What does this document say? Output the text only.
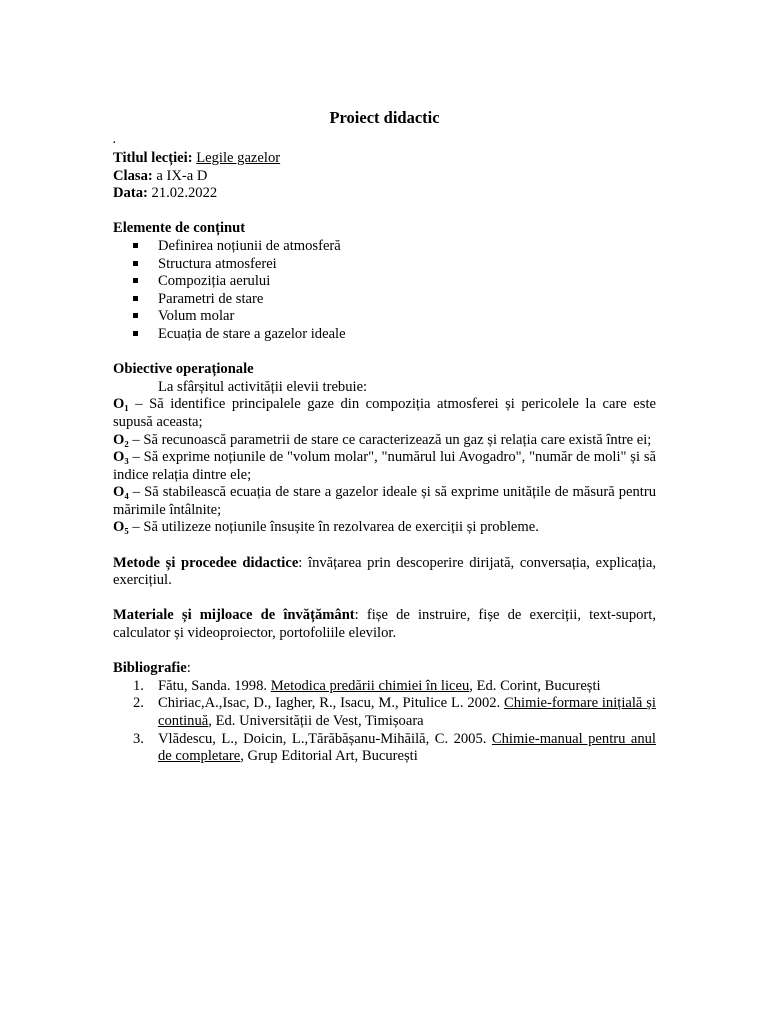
Proiect didactic
.

Titlul lecției: Legile gazelor

Clasa: a IX-a D

Data: 21.02.2022

Elemente de conținut

Definirea noțiunii de atmosferă
Structura atmosferei
Compoziția aerului
Parametri de stare
Volum molar
Ecuația de stare a gazelor ideale

Obiective operaționale

La sfârșitul activității elevii trebuie:

O₁ – Să identifice principalele gaze din compoziția atmosferei și pericolele la care este supusă aceasta;

O₂ – Să recunoască parametrii de stare ce caracterizează un gaz și relația care există între ei;

O₃ – Să exprime noțiunile de "volum molar", "numărul lui Avogadro", "număr de moli" și să indice relația dintre ele;

O₄ – Să stabilească ecuația de stare a gazelor ideale și să exprime unitățile de măsură pentru mărimile întâlnite;

O₅ – Să utilizeze noțiunile însușite în rezolvarea de exerciții și probleme.

Metode și procedee didactice: învățarea prin descoperire dirijată, conversația, explicația, exercițiul.

Materiale și mijloace de învățământ: fișe de instruire, fișe de exerciții, text-suport, calculator și videoproiector, portofoliile elevilor.

Bibliografie:

1. Fătu, Sanda. 1998. Metodica predării chimiei în liceu, Ed. Corint, București
2. Chiriac,A.,Isac, D., Iagher, R., Isacu, M., Pitulice L. 2002. Chimie-formare inițială și continuă, Ed. Universității de Vest, Timișoara
3. Vlădescu, L., Doicin, L.,Tărăbășanu-Mihăilă, C. 2005. Chimie-manual pentru anul de completare, Grup Editorial Art, București
